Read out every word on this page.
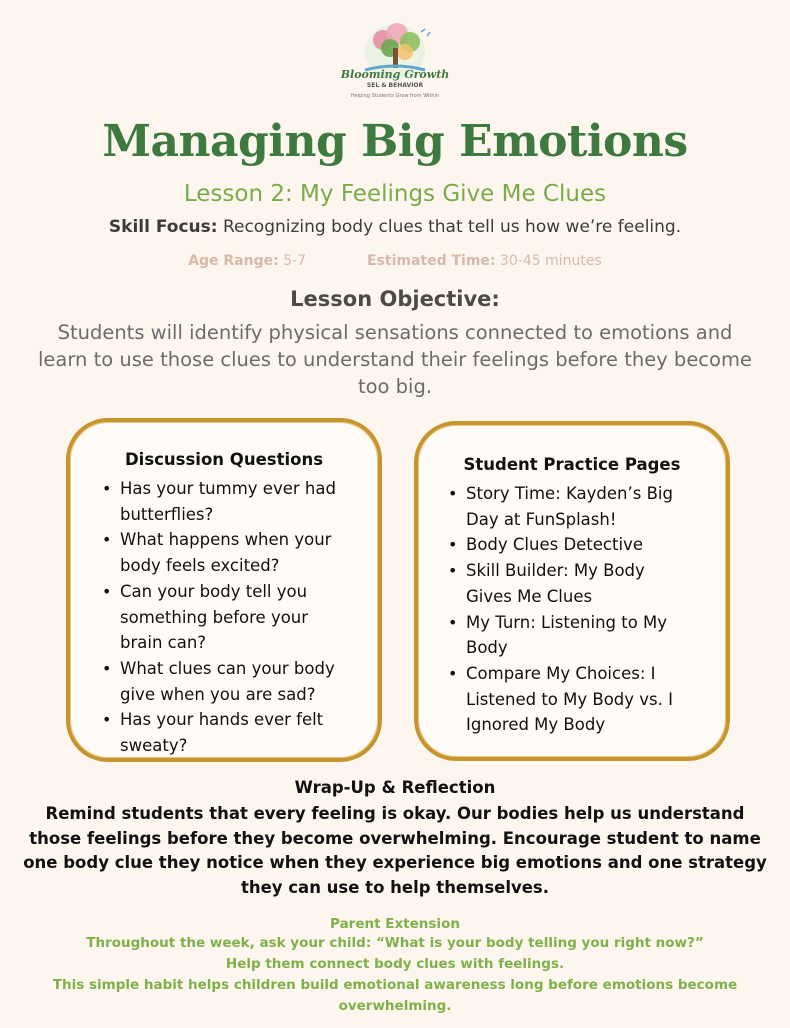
Blooming Growth
SEL & BEHAVIOR
Helping Students Grow from Within
Managing Big Emotions
Lesson 2: My Feelings Give Me Clues
Skill Focus: Recognizing body clues that tell us how we’re feeling.
Age Range: 5-7	Estimated Time: 30-45 minutes
Lesson Objective:
Students will identify physical sensations connected to emotions and
learn to use those clues to understand their feelings before they become
too big.
Discussion Questions
• Has your tummy ever had
butterflies?
• What happens when your
body feels excited?
• Can your body tell you
something before your
brain can?
• What clues can your body
give when you are sad?
• Has your hands ever felt
sweaty?
Student Practice Pages
• Story Time: Kayden’s Big
Day at FunSplash!
• Body Clues Detective
• Skill Builder: My Body
Gives Me Clues
• My Turn: Listening to My
Body
• Compare My Choices: I
Listened to My Body vs. I
Ignored My Body
Wrap-Up & Reflection
Remind students that every feeling is okay. Our bodies help us understand
those feelings before they become overwhelming. Encourage student to name
one body clue they notice when they experience big emotions and one strategy
they can use to help themselves.
Parent Extension
Throughout the week, ask your child: “What is your body telling you right now?”
Help them connect body clues with feelings.
This simple habit helps children build emotional awareness long before emotions become
overwhelming.
